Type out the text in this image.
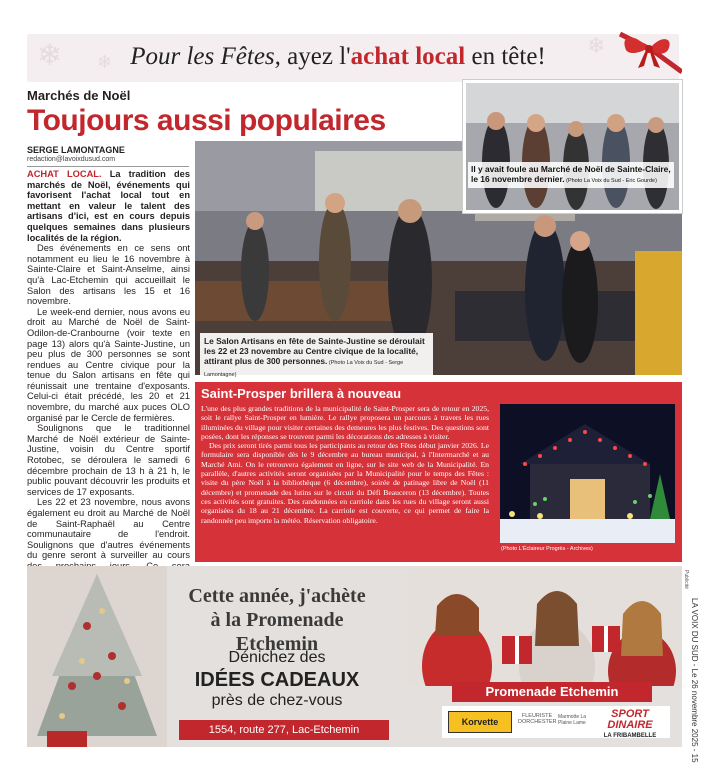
❄ ❄
❄
Pour les Fêtes, ayez l'achat local en tête!
Marchés de Noël
Toujours aussi populaires
SERGE LAMONTAGNE
redaction@lavoixdusud.com

ACHAT LOCAL. La tradition des marchés de Noël, événements qui favorisent l'achat local tout en mettant en valeur le talent des artisans d'ici, est en cours depuis quelques semaines dans plusieurs localités de la région.

Des événements en ce sens ont notamment eu lieu le 16 novembre à Sainte-Claire et Saint-Anselme, ainsi qu'à Lac-Etchemin qui accueillait le Salon des artisans les 15 et 16 novembre.

Le week-end dernier, nous avons eu droit au Marché de Noël de Saint-Odilon-de-Cranbourne (voir texte en page 13) alors qu'à Sainte-Justine, un peu plus de 300 personnes se sont rendues au Centre civique pour la tenue du Salon artisans en fête qui réunissait une trentaine d'exposants. Celui-ci était précédé, les 20 et 21 novembre, du marché aux puces OLO organisé par le Cercle de fermières.

Soulignons que le traditionnel Marché de Noël extérieur de Sainte-Justine, voisin du Centre sportif Rotobec, se déroulera le samedi 6 décembre prochain de 13 h à 21 h, le public pouvant découvrir les produits et services de 17 exposants.

Les 22 et 23 novembre, nous avons également eu droit au Marché de Noël de Saint-Raphaël au Centre communautaire de l'endroit. Soulignons que d'autres événements du genre seront à surveiller au cours

Le Salon Artisans en fête de Sainte-Justine se déroulait les 22 et 23 novembre au Centre civique de la localité, attirant plus de 300 personnes. (Photo La Voix du Sud - Serge Lamontagne)
Il y avait foule au Marché de Noël de Sainte-Claire, le 16 novembre dernier. (Photo La Voix du Sud - Eric Gourde)
Saint-Prosper brillera à nouveau

L'une des plus grandes traditions de la municipalité de Saint-Prosper sera de retour en 2025, soit le rallye Saint-Prosper en lumière. Le rallye proposera un parcours à travers les rues illuminées du village pour visiter certaines des demeures les plus festives. Des questions sont posées, dont les réponses se trouvent parmi les décorations des adresses à visiter.

Des prix seront tirés parmi tous les participants au retour des Fêtes début janvier 2026. Le formulaire sera disponible dès le 9 décembre au bureau municipal, à l'Intermarché et au Marché Ami. On le retrouvera également en ligne, sur le site web de la Municipalité. En parallèle, d'autres activités seront organisées par la Municipalité pour le temps des Fêtes : visite du père Noël à la bibliothèque (6 décembre), soirée de patinage libre de Noël (11 décembre) et promenade des lutins sur le circuit du Défi Beauceron (13 décembre). Toutes ces activités sont gratuites. Des randonnées en carriole dans les rues du village seront aussi organisées du 18 au 21 décembre. La carriole est couverte, ce qui permet de faire la randonnée peu importe la météo. Réservation obligatoire.

(Photo L'Éclaireur Progrès - Archives)
Cette année, j'achète
à la Promenade Etchemin
Dénichez des
IDÉES CADEAUX
près de chez-vous
1554, route 277, Lac-Etchemin
Promenade Etchemin
Korvette
FLEURISTE DORCHESTER
Marmotte La Plaine Lame
SPORT DINAIRE
LA FRIBAMBELLE
Publicité
LA VOIX DU SUD - Le 26 novembre 2025 - 15
